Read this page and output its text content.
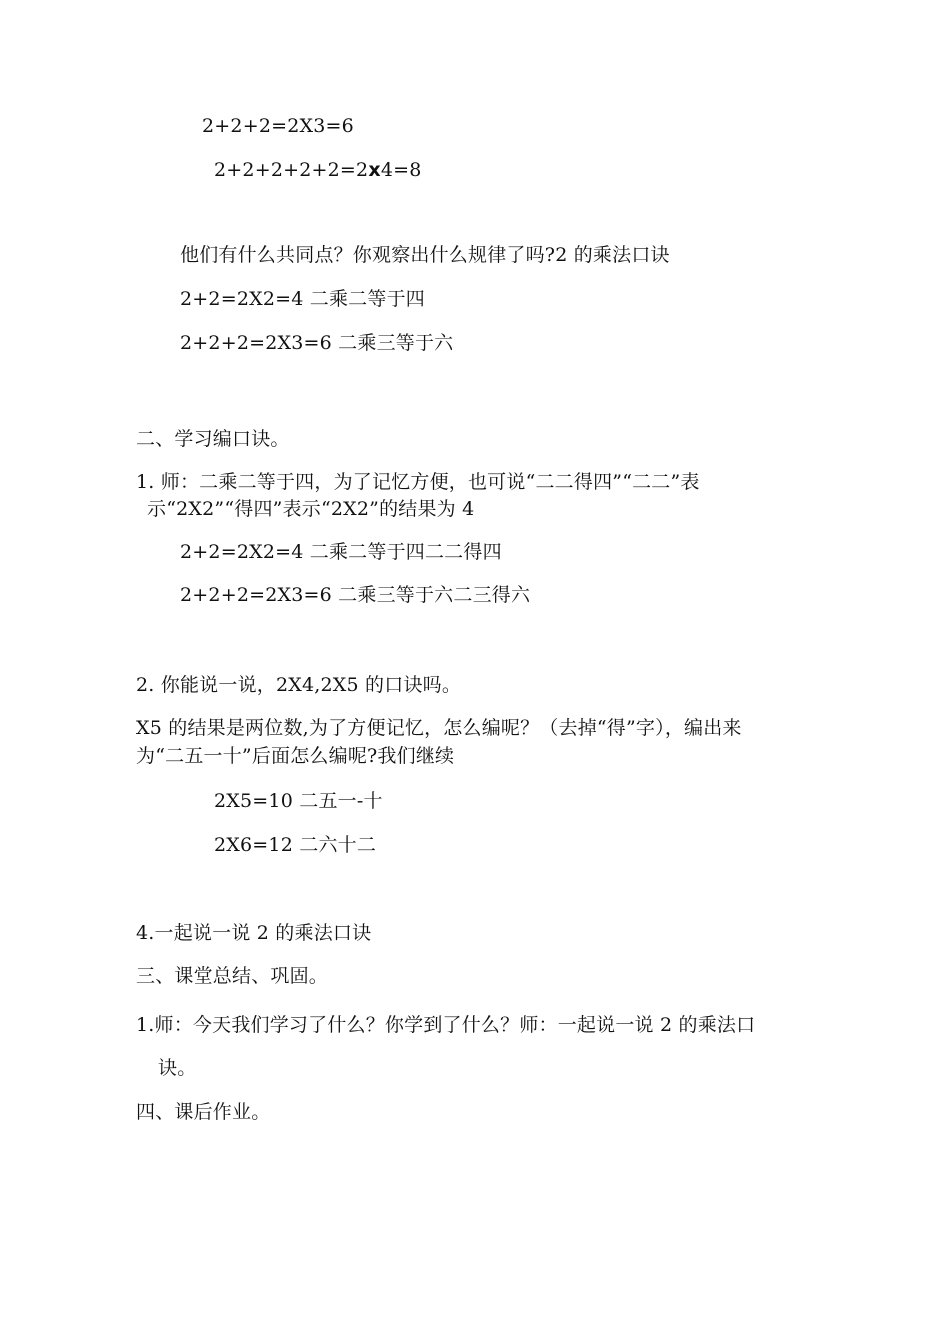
2+2+2=2X3=6
2+2+2+2+2=2x4=8
他们有什么共同点？你观察出什么规律了吗?2 的乘法口诀
2+2=2X2=4 二乘二等于四
2+2+2=2X3=6 二乘三等于六
二、学习编口诀。
1. 师：二乘二等于四，为了记忆方便，也可说“二二得四”“二二”表
示“2X2”“得四”表示“2X2”的结果为 4
2+2=2X2=4 二乘二等于四二二得四
2+2+2=2X3=6 二乘三等于六二三得六
2. 你能说一说，2X4,2X5 的口诀吗。
X5 的结果是两位数,为了方便记忆，怎么编呢？（去掉“得”字），编出来
为“二五一十”后面怎么编呢?我们继续
2X5=10 二五一-十
2X6=12 二六十二
4.一起说一说 2 的乘法口诀
三、课堂总结、巩固。
1.师：今天我们学习了什么？你学到了什么？师：一起说一说 2 的乘法口
诀。
四、课后作业。
